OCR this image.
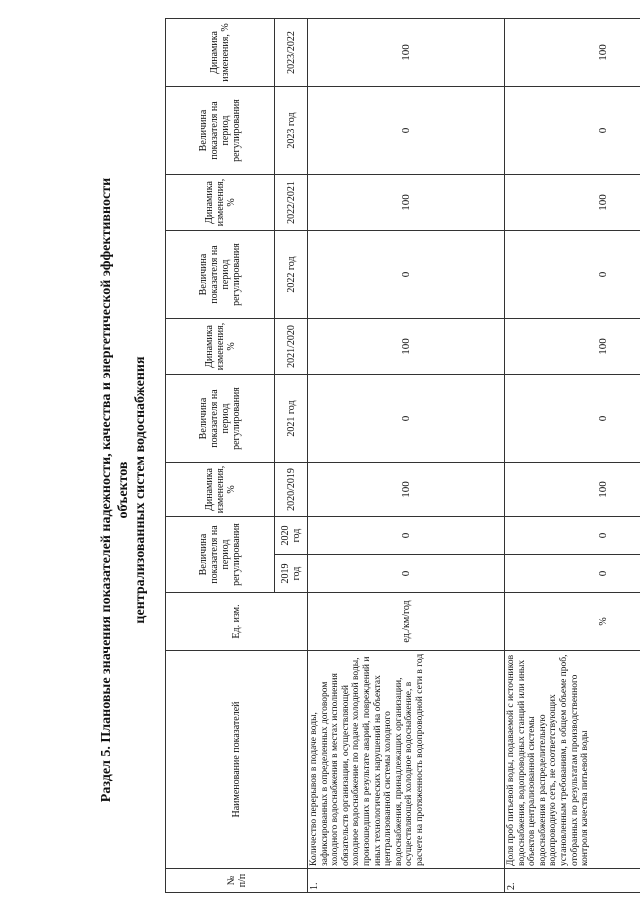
Раздел 5. Плановые значения показателей надежности, качества и энергетической эффективности объектов централизованных систем водоснабжения
№ п/п	Наименование показателей	Ед. изм.	Величина показателя на период регулирования		Динамика изменения, %	Величина показателя на период регулирования	Динамика изменения, %	Величина показателя на период регулирования	Динамика изменения, %	Величина показателя на период регулирования	Динамика изменения, %
			2019 год	2020 год	2020/2019	2021 год	2021/2020	2022 год	2022/2021	2023 год	2023/2022
1.	Количество перерывов в подаче воды, зафиксированных в определенных договором холодного водоснабжения в местах исполнения обязательств организации, осуществляющей холодное водоснабжение по подаче холодной воды, произошедших в результате аварий, повреждений и иных технологических нарушений на объектах централизованной системы холодного водоснабжения, принадлежащих организации, осуществляющей холодное водоснабжение, в расчете на протяженность водопроводной сети в год	ед./км/год	0	0	100	0	100	0	100	0	100
2.	Доля проб питьевой воды, подаваемой с источников водоснабжения, водопроводных станций или иных объектов централизованной системы водоснабжения в распределительную водопроводную сеть, не соответствующих установленным требованиям, в общем объеме проб, отобранных по результатам производственного контроля качества питьевой воды	%	0	0	100	0	100	0	100	0	100
